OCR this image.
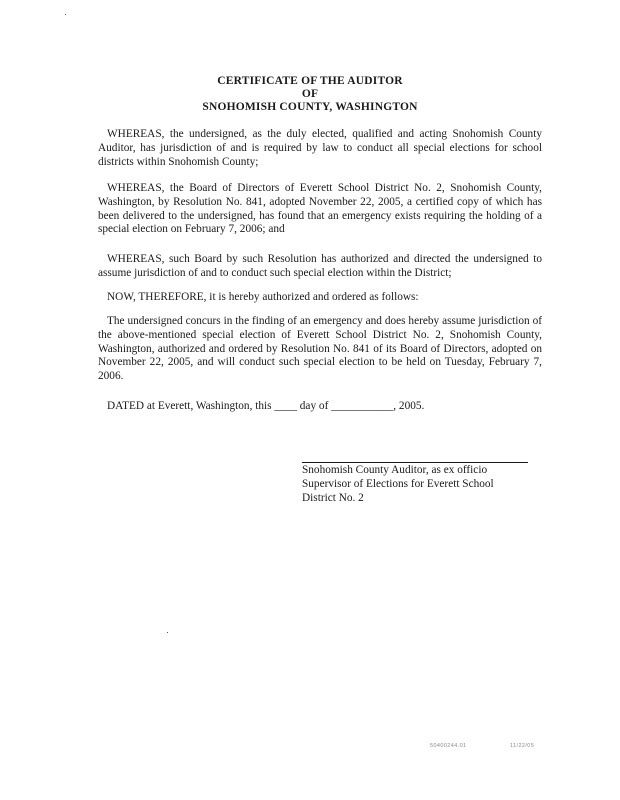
CERTIFICATE OF THE AUDITOR
OF
SNOHOMISH COUNTY, WASHINGTON

WHEREAS, the undersigned, as the duly elected, qualified and acting Snohomish County Auditor, has jurisdiction of and is required by law to conduct all special elections for school districts within Snohomish County;

WHEREAS, the Board of Directors of Everett School District No. 2, Snohomish County, Washington, by Resolution No. 841, adopted November 22, 2005, a certified copy of which has been delivered to the undersigned, has found that an emergency exists requiring the holding of a special election on February 7, 2006; and

WHEREAS, such Board by such Resolution has authorized and directed the undersigned to assume jurisdiction of and to conduct such special election within the District;

NOW, THEREFORE, it is hereby authorized and ordered as follows:

The undersigned concurs in the finding of an emergency and does hereby assume jurisdiction of the above-mentioned special election of Everett School District No. 2, Snohomish County, Washington, authorized and ordered by Resolution No. 841 of its Board of Directors, adopted on November 22, 2005, and will conduct such special election to be held on Tuesday, February 7, 2006.

DATED at Everett, Washington, this ____ day of ___________, 2005.

Snohomish County Auditor, as ex officio
Supervisor of Elections for Everett School
District No. 2
50400244.01	11/22/05
